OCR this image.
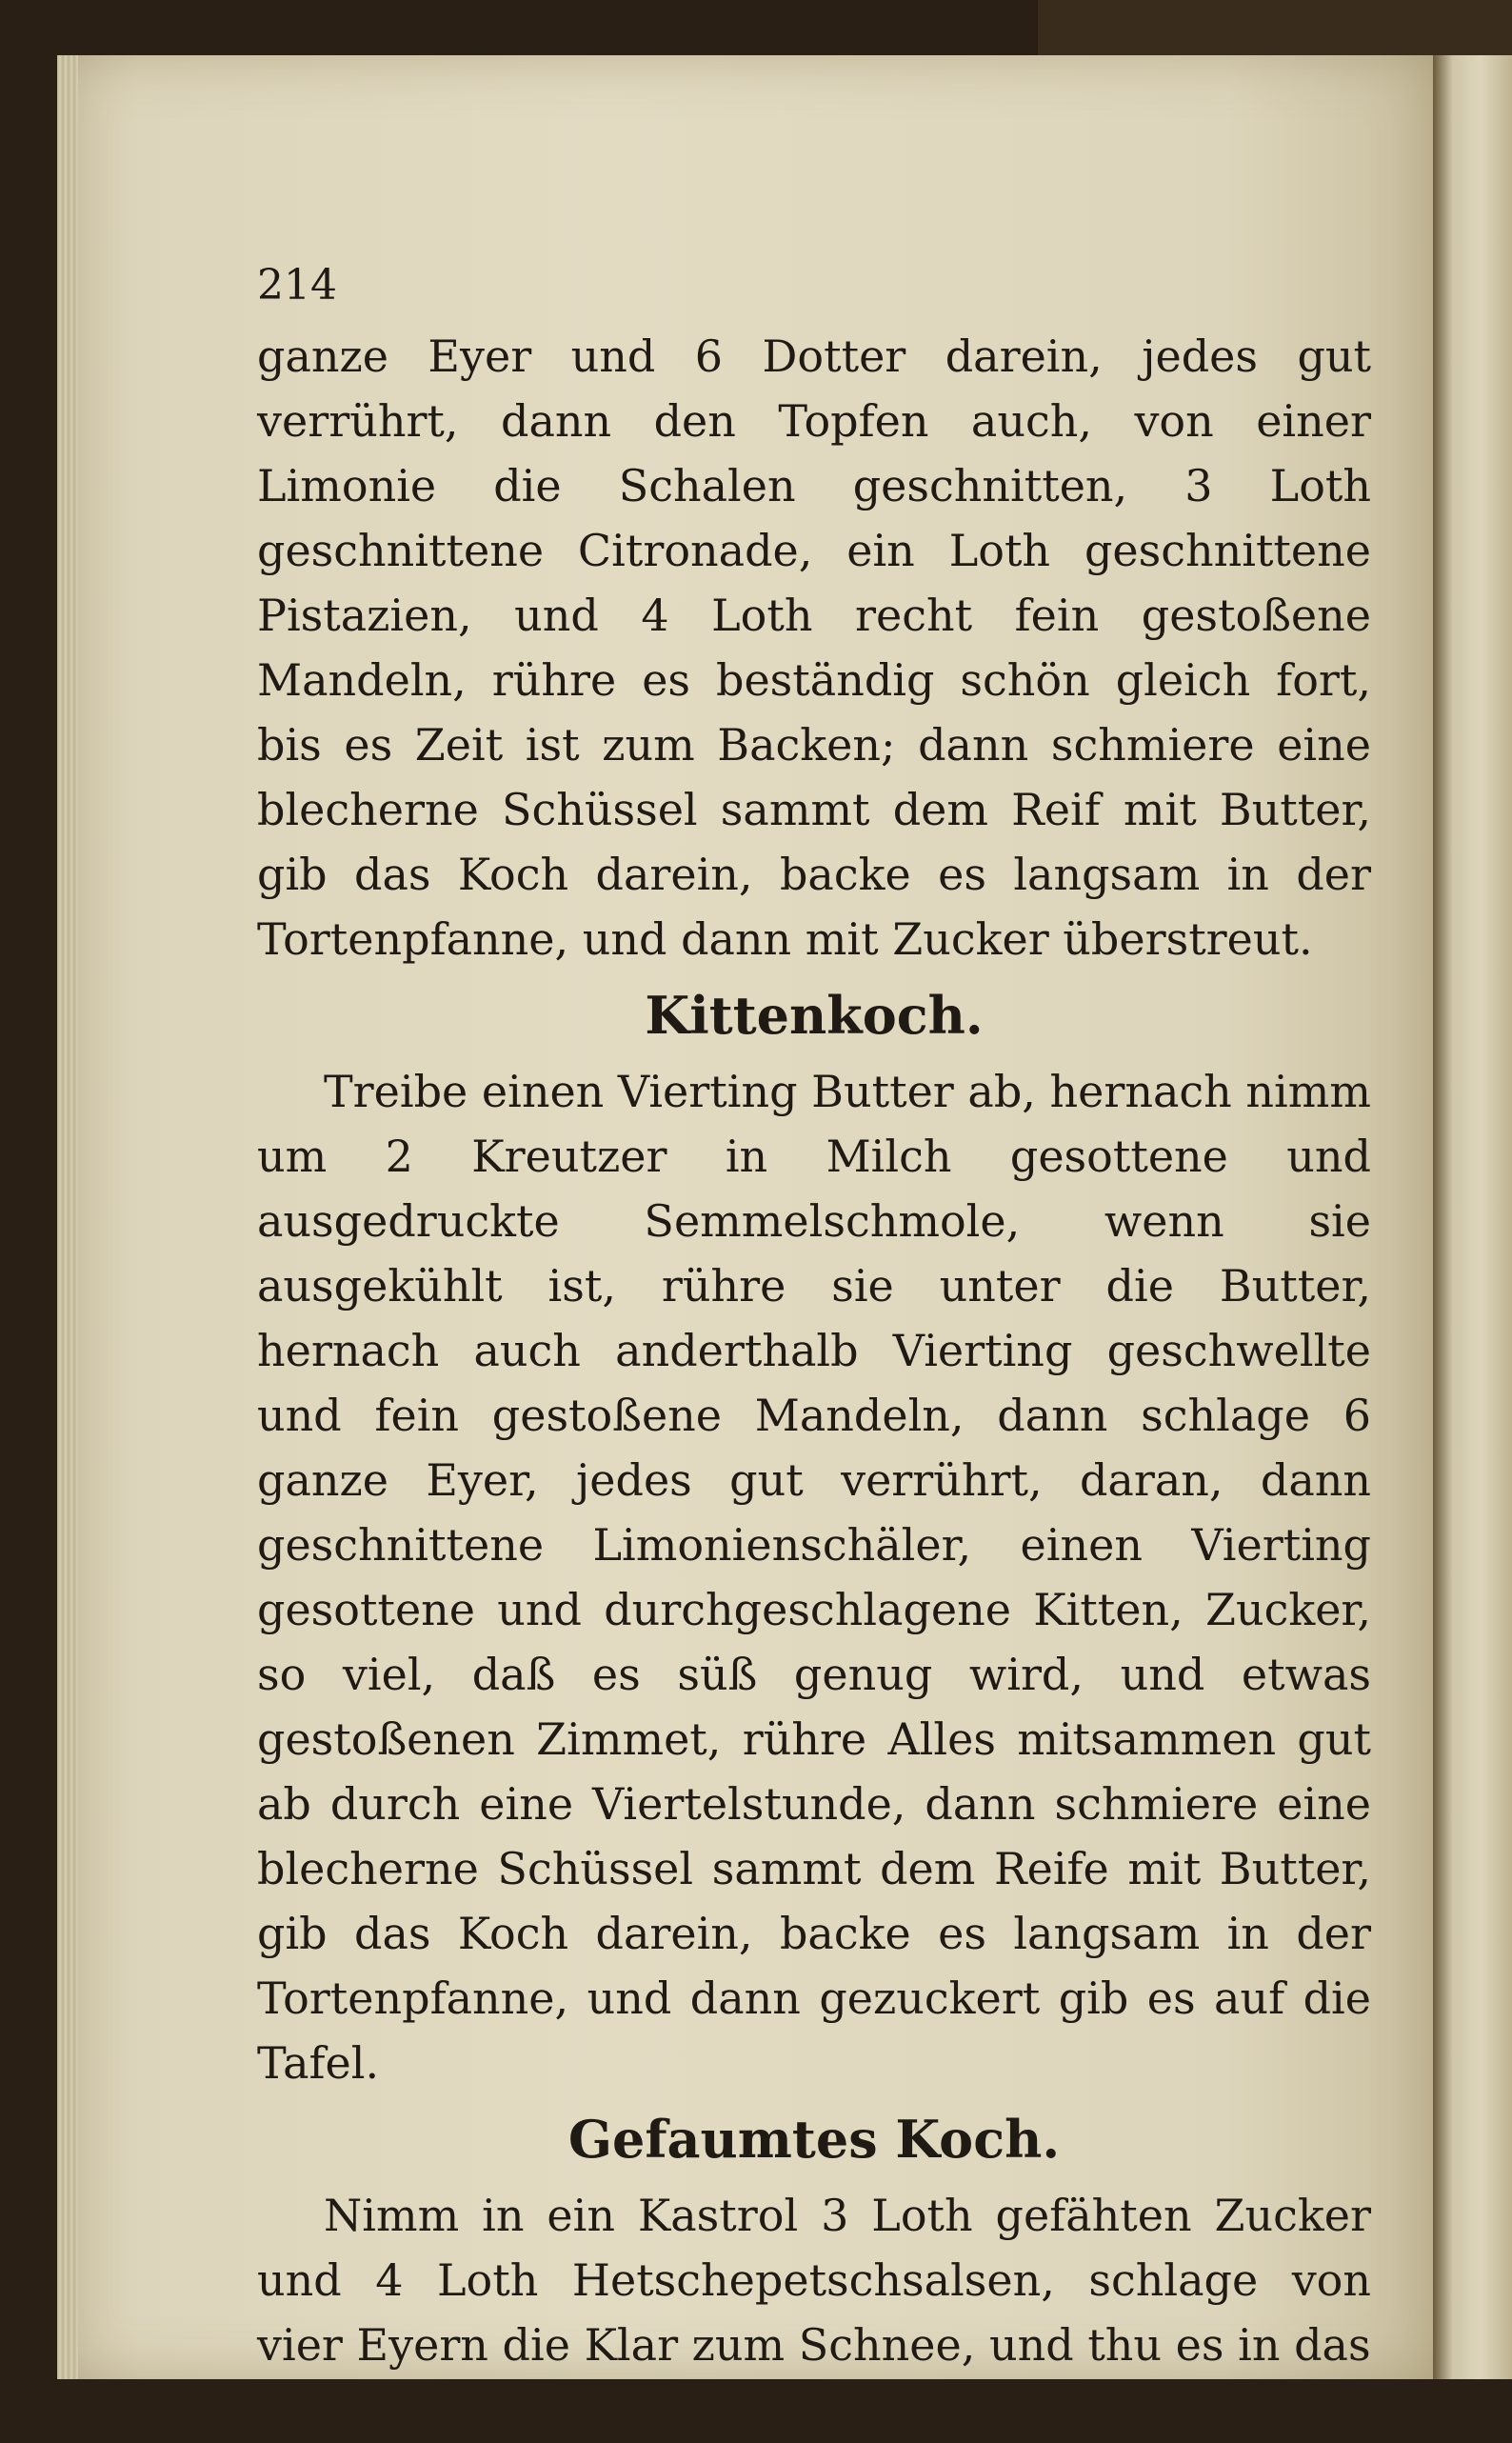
214

ganze Eyer und 6 Dotter darein, jedes gut verrührt, dann den Topfen auch, von einer Limonie die Schalen geschnitten, 3 Loth geschnittene Citronade, ein Loth geschnittene Pistazien, und 4 Loth recht fein gestoßene Mandeln, rühre es beständig schön gleich fort, bis es Zeit ist zum Backen; dann schmiere eine blecherne Schüssel sammt dem Reif mit Butter, gib das Koch darein, backe es langsam in der Tortenpfanne, und dann mit Zucker überstreut.

Kittenkoch.

Treibe einen Vierting Butter ab, hernach nimm um 2 Kreutzer in Milch gesottene und ausgedruckte Semmelschmole, wenn sie ausgekühlt ist, rühre sie unter die Butter, hernach auch anderthalb Vierting geschwellte und fein gestoßene Mandeln, dann schlage 6 ganze Eyer, jedes gut verrührt, daran, dann geschnittene Limonienschäler, einen Vierting gesottene und durchgeschlagene Kitten, Zucker, so viel, daß es süß genug wird, und etwas gestoßenen Zimmet, rühre Alles mitsammen gut ab durch eine Viertelstunde, dann schmiere eine blecherne Schüssel sammt dem Reife mit Butter, gib das Koch darein, backe es langsam in der Tortenpfanne, und dann gezuckert gib es auf die Tafel.

Gefaumtes Koch.

Nimm in ein Kastrol 3 Loth gefähten Zucker und 4 Loth Hetschepetschsalsen, schlage von vier Eyern die Klar zum Schnee, und thu es in das
